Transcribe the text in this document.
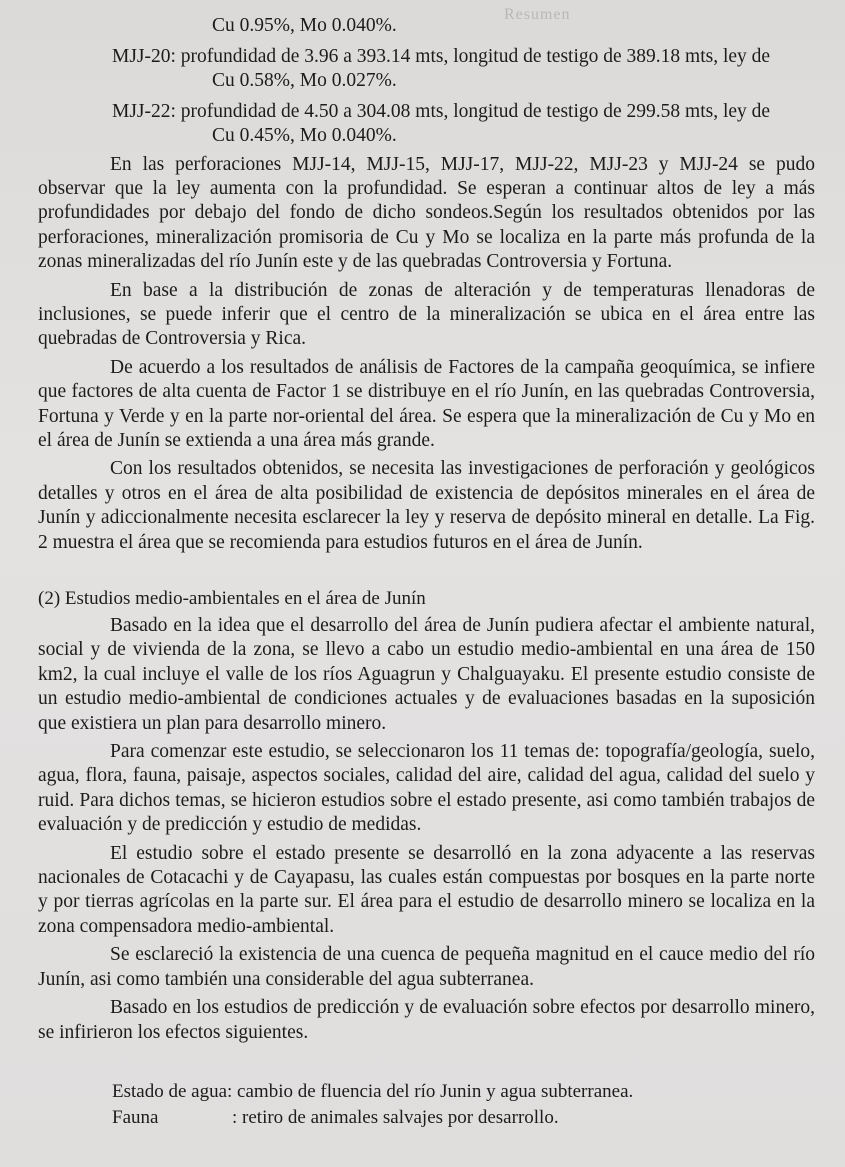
Resumen
Cu 0.95%, Mo 0.040%.
MJJ-20: profundidad de 3.96 a 393.14 mts, longitud de testigo de 389.18 mts, ley de
Cu 0.58%, Mo 0.027%.
MJJ-22: profundidad de 4.50 a 304.08 mts, longitud de testigo de 299.58 mts, ley de
Cu 0.45%, Mo 0.040%.

En las perforaciones MJJ-14, MJJ-15, MJJ-17, MJJ-22, MJJ-23 y MJJ-24 se pudo observar que la ley aumenta con la profundidad. Se esperan a continuar altos de ley a más profundidades por debajo del fondo de dicho sondeos.Según los resultados obtenidos por las perforaciones, mineralización promisoria de Cu y Mo se localiza en la parte más profunda de la zonas mineralizadas del río Junín este y de las quebradas Controversia y Fortuna.

En base a la distribución de zonas de alteración y de temperaturas llenadoras de inclusiones, se puede inferir que el centro de la mineralización se ubica en el área entre las quebradas de Controversia y Rica.

De acuerdo a los resultados de análisis de Factores de la campaña geoquímica, se infiere que factores de alta cuenta de Factor 1 se distribuye en el río Junín, en las quebradas Controversia, Fortuna y Verde y en la parte nor-oriental del área. Se espera que la mineralización de Cu y Mo en el área de Junín se extienda a una área más grande.

Con los resultados obtenidos, se necesita las investigaciones de perforación y geológicos detalles y otros en el área de alta posibilidad de existencia de depósitos minerales en el área de Junín y adiccionalmente necesita esclarecer la ley y reserva de depósito mineral en detalle. La Fig. 2 muestra el área que se recomienda para estudios futuros en el área de Junín.

(2) Estudios medio-ambientales en el área de Junín

Basado en la idea que el desarrollo del área de Junín pudiera afectar el ambiente natural, social y de vivienda de la zona, se llevo a cabo un estudio medio-ambiental en una área de 150 km2, la cual incluye el valle de los ríos Aguagrun y Chalguayaku. El presente estudio consiste de un estudio medio-ambiental de condiciones actuales y de evaluaciones basadas en la suposición que existiera un plan para desarrollo minero.

Para comenzar este estudio, se seleccionaron los 11 temas de: topografía/geología, suelo, agua, flora, fauna, paisaje, aspectos sociales, calidad del aire, calidad del agua, calidad del suelo y ruid. Para dichos temas, se hicieron estudios sobre el estado presente, asi como también trabajos de evaluación y de predicción y estudio de medidas.

El estudio sobre el estado presente se desarrolló en la zona adyacente a las reservas nacionales de Cotacachi y de Cayapasu, las cuales están compuestas por bosques en la parte norte y por tierras agrícolas en la parte sur. El área para el estudio de desarrollo minero se localiza en la zona compensadora medio-ambiental.

Se esclareció la existencia de una cuenca de pequeña magnitud en el cauce medio del río Junín, asi como también una considerable del agua subterranea.

Basado en los estudios de predicción y de evaluación sobre efectos por desarrollo minero, se infirieron los efectos siguientes.

Estado de agua : cambio de fluencia del río Junin y agua subterranea.
Fauna	: retiro de animales salvajes por desarrollo.
